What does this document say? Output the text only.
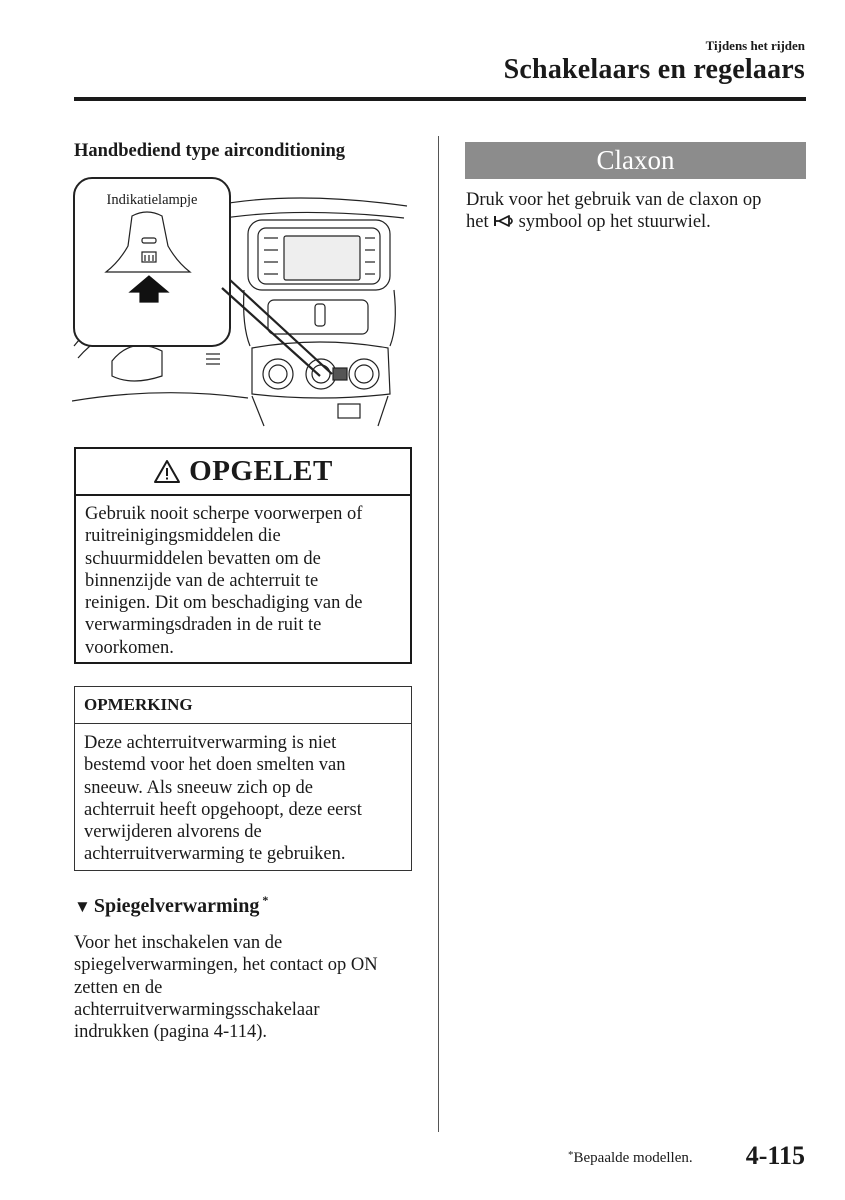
Tijdens het rijden
Schakelaars en regelaars
Handbediend type airconditioning
Indikatielampje
OPGELET
Gebruik nooit scherpe voorwerpen of
ruitreinigingsmiddelen die
schuurmiddelen bevatten om de
binnenzijde van de achterruit te
reinigen. Dit om beschadiging van de
verwarmingsdraden in de ruit te
voorkomen.
OPMERKING
Deze achterruitverwarming is niet
bestemd voor het doen smelten van
sneeuw. Als sneeuw zich op de
achterruit heeft opgehoopt, deze eerst
verwijderen alvorens de
achterruitverwarming te gebruiken.
▼ Spiegelverwarming *
Voor het inschakelen van de
spiegelverwarmingen, het contact op ON
zetten en de
achterruitverwarmingsschakelaar
indrukken (pagina 4-114).
Claxon
Druk voor het gebruik van de claxon op
het symbool op het stuurwiel.
*Bepaalde modellen. 4-115
